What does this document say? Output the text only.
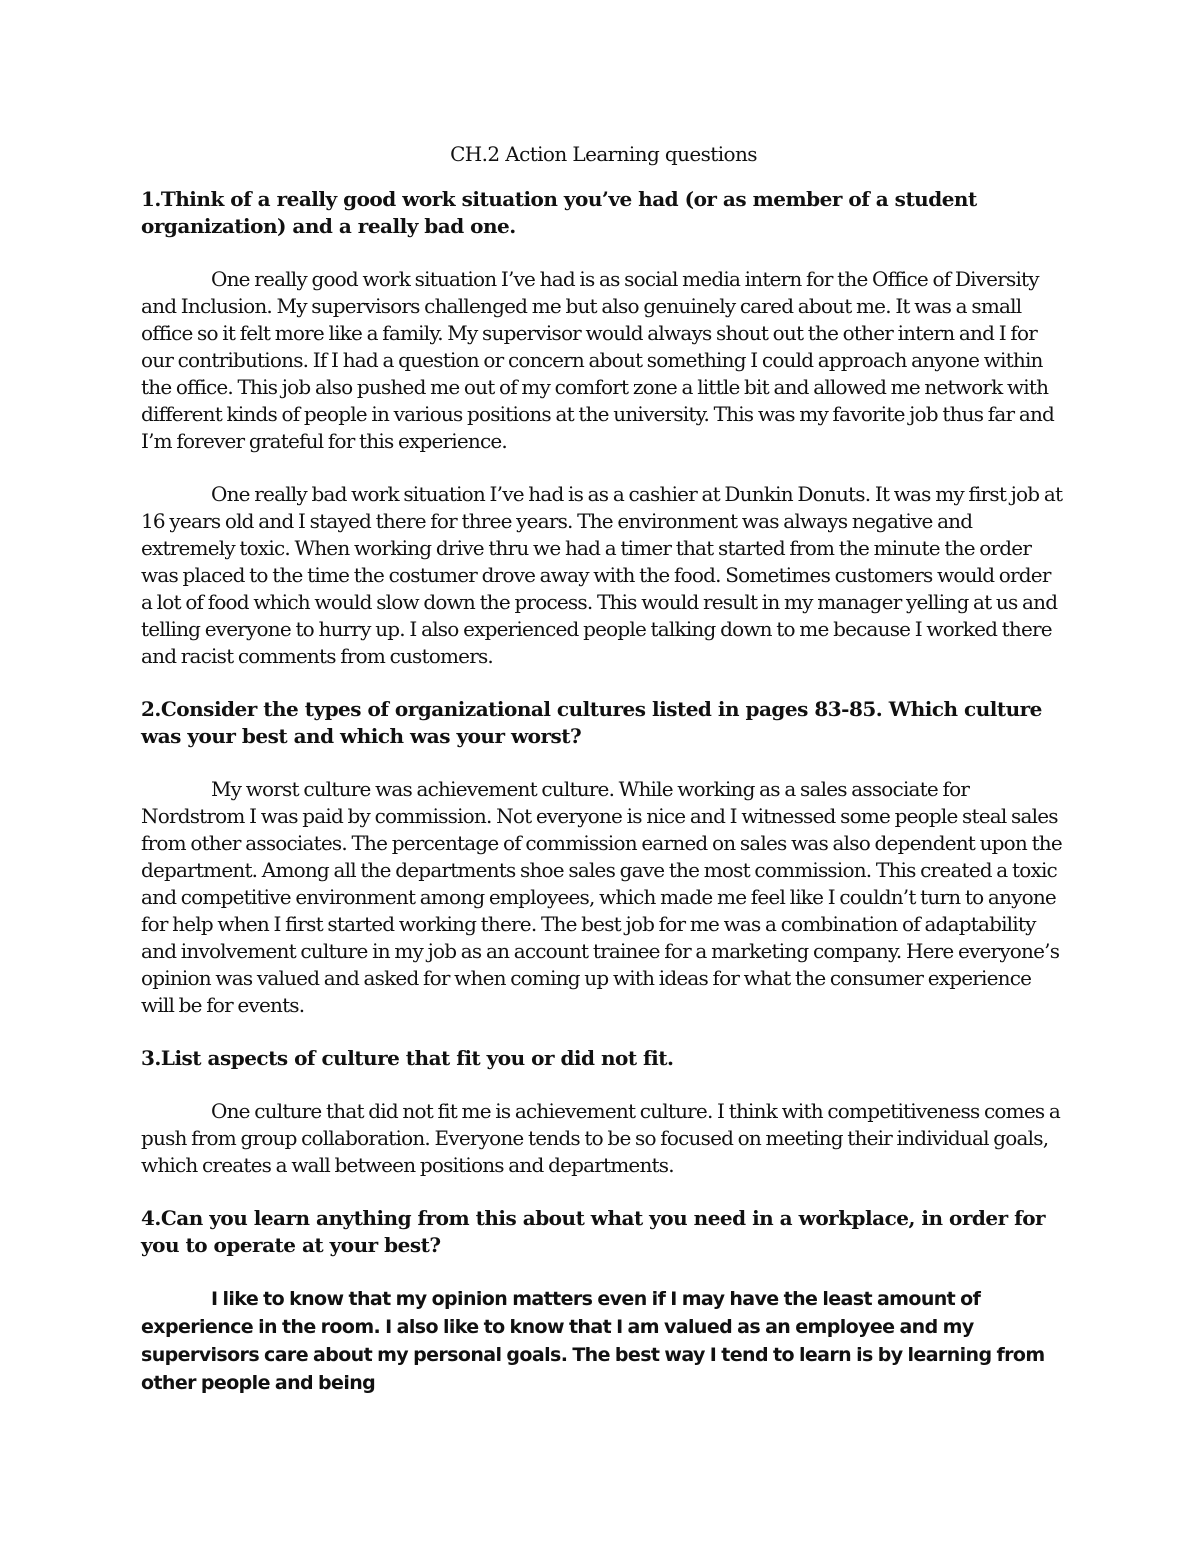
CH.2 Action Learning questions

1.Think of a really good work situation you’ve had (or as member of a student organization) and a really bad one.

One really good work situation I’ve had is as social media intern for the Office of Diversity and Inclusion. My supervisors challenged me but also genuinely cared about me. It was a small office so it felt more like a family. My supervisor would always shout out the other intern and I for our contributions. If I had a question or concern about something I could approach anyone within the office. This job also pushed me out of my comfort zone a little bit and allowed me network with different kinds of people in various positions at the university. This was my favorite job thus far and I’m forever grateful for this experience.

One really bad work situation I’ve had is as a cashier at Dunkin Donuts. It was my first job at 16 years old and I stayed there for three years. The environment was always negative and extremely toxic. When working drive thru we had a timer that started from the minute the order was placed to the time the costumer drove away with the food. Sometimes customers would order a lot of food which would slow down the process. This would result in my manager yelling at us and telling everyone to hurry up. I also experienced people talking down to me because I worked there and racist comments from customers.

2.Consider the types of organizational cultures listed in pages 83-85. Which culture was your best and which was your worst?

My worst culture was achievement culture. While working as a sales associate for Nordstrom I was paid by commission. Not everyone is nice and I witnessed some people steal sales from other associates. The percentage of commission earned on sales was also dependent upon the department. Among all the departments shoe sales gave the most commission. This created a toxic and competitive environment among employees, which made me feel like I couldn’t turn to anyone for help when I first started working there. The best job for me was a combination of adaptability and involvement culture in my job as an account trainee for a marketing company. Here everyone’s opinion was valued and asked for when coming up with ideas for what the consumer experience will be for events.

3.List aspects of culture that fit you or did not fit.

One culture that did not fit me is achievement culture. I think with competitiveness comes a push from group collaboration. Everyone tends to be so focused on meeting their individual goals, which creates a wall between positions and departments.

4.Can you learn anything from this about what you need in a workplace, in order for you to operate at your best?

I like to know that my opinion matters even if I may have the least amount of experience in the room. I also like to know that I am valued as an employee and my supervisors care about my personal goals. The best way I tend to learn is by learning from other people and being
